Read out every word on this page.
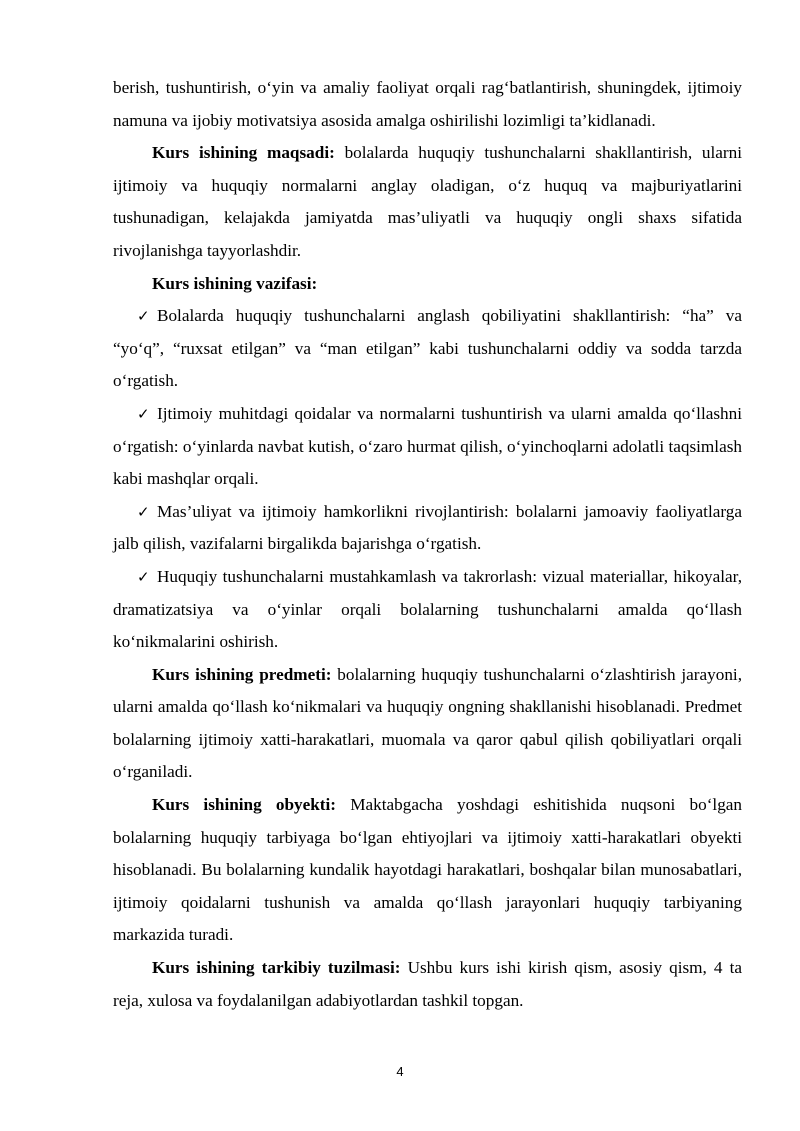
berish, tushuntirish, o‘yin va amaliy faoliyat orqali rag‘batlantirish, shuningdek, ijtimoiy namuna va ijobiy motivatsiya asosida amalga oshirilishi lozimligi ta’kidlanadi.

Kurs ishining maqsadi: bolalarda huquqiy tushunchalarni shakllantirish, ularni ijtimoiy va huquqiy normalarni anglay oladigan, o‘z huquq va majburiyatlarini tushunadigan, kelajakda jamiyatda mas’uliyatli va huquqiy ongli shaxs sifatida rivojlanishga tayyorlashdir.

Kurs ishining vazifasi:

✓ Bolalarda huquqiy tushunchalarni anglash qobiliyatini shakllantirish: “ha” va “yo‘q”, “ruxsat etilgan” va “man etilgan” kabi tushunchalarni oddiy va sodda tarzda o‘rgatish.

✓ Ijtimoiy muhitdagi qoidalar va normalarni tushuntirish va ularni amalda qo‘llashni o‘rgatish: o‘yinlarda navbat kutish, o‘zaro hurmat qilish, o‘yinchoqlarni adolatli taqsimlash kabi mashqlar orqali.

✓ Mas’uliyat va ijtimoiy hamkorlikni rivojlantirish: bolalarni jamoaviy faoliyatlarga jalb qilish, vazifalarni birgalikda bajarishga o‘rgatish.

✓ Huquqiy tushunchalarni mustahkamlash va takrorlash: vizual materiallar, hikoyalar, dramatizatsiya va o‘yinlar orqali bolalarning tushunchalarni amalda qo‘llash ko‘nikmalarini oshirish.

Kurs ishining predmeti: bolalarning huquqiy tushunchalarni o‘zlashtirish jarayoni, ularni amalda qo‘llash ko‘nikmalari va huquqiy ongning shakllanishi hisoblanadi. Predmet bolalarning ijtimoiy xatti-harakatlari, muomala va qaror qabul qilish qobiliyatlari orqali o‘rganiladi.

Kurs ishining obyekti: Maktabgacha yoshdagi eshitishida nuqsoni bo‘lgan bolalarning huquqiy tarbiyaga bo‘lgan ehtiyojlari va ijtimoiy xatti-harakatlari obyekti hisoblanadi. Bu bolalarning kundalik hayotdagi harakatlari, boshqalar bilan munosabatlari, ijtimoiy qoidalarni tushunish va amalda qo‘llash jarayonlari huquqiy tarbiyaning markazida turadi.

Kurs ishining tarkibiy tuzilmasi: Ushbu kurs ishi kirish qism, asosiy qism, 4 ta reja, xulosa va foydalanilgan adabiyotlardan tashkil topgan.

4
